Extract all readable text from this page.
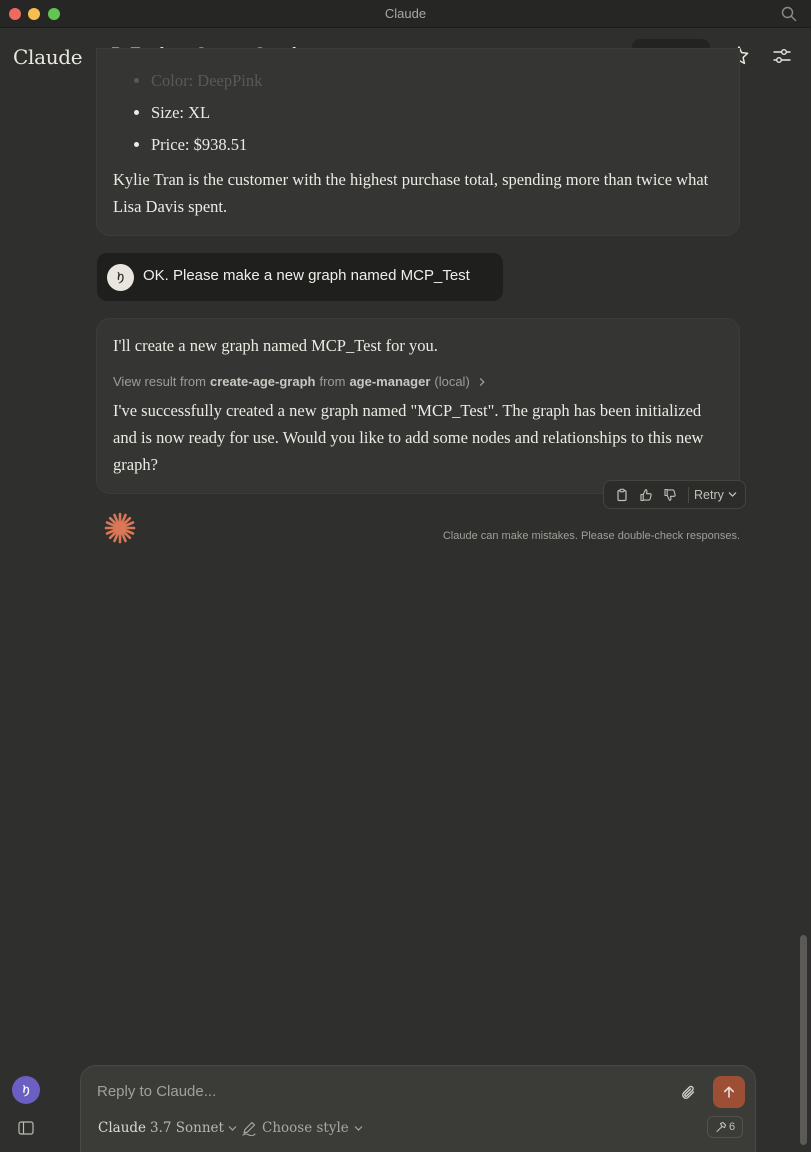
Claude
Claude
• Color: DeepPink
• Size: XL
• Price: $938.51

Kylie Tran is the customer with the highest purchase total, spending more than twice what Lisa Davis spent.

り	OK. Please make a new graph named MCP_Test
I'll create a new graph named MCP_Test for you.
View result from create-age-graph from age-manager (local)
I've successfully created a new graph named "MCP_Test". The graph has been initialized and is now ready for use. Would you like to add some nodes and relationships to this new graph?
Retry
Claude can make mistakes. Please double-check responses.
り
Reply to Claude...
Claude 3.7 Sonnet	Choose style	6
